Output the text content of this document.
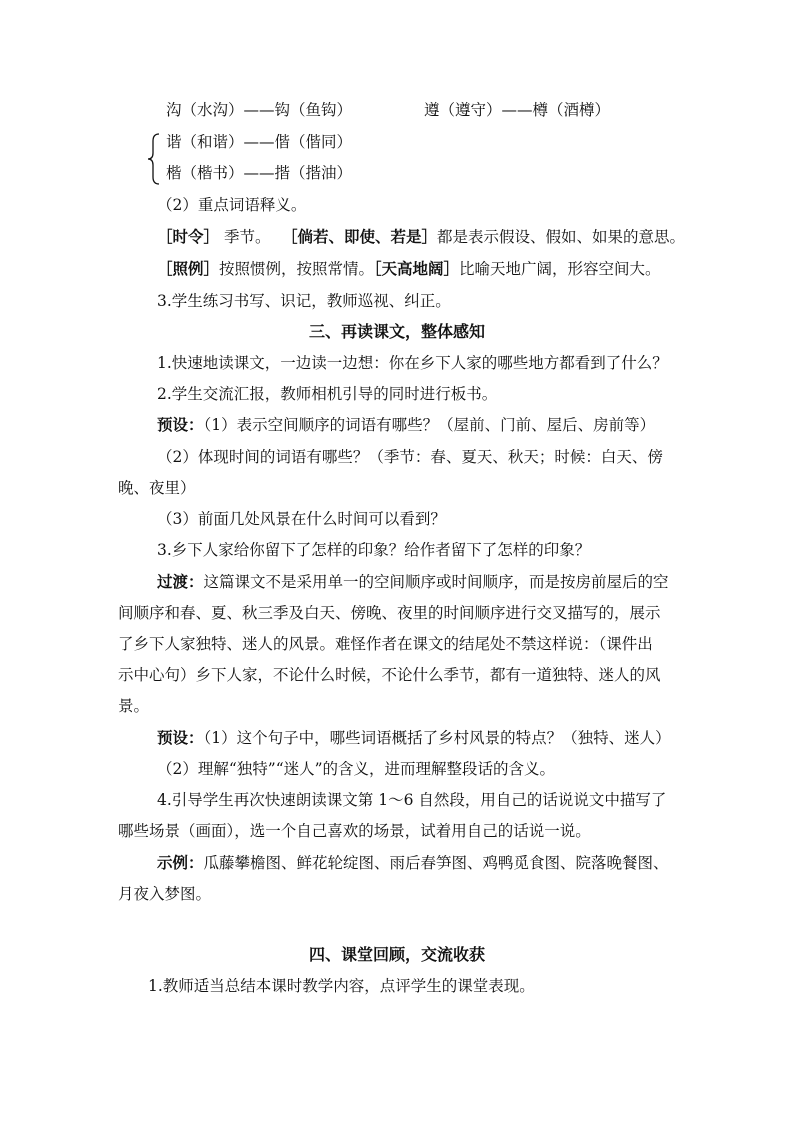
沟（水沟）——钩（鱼钩）	遵（遵守）——樽（酒樽）
谐（和谐）——偕（偕同）
楷（楷书）——揩（揩油）
（2）重点词语释义。
［时令］ 季节。 ［倘若、即使、若是］都是表示假设、假如、如果的意思。
［照例］按照惯例，按照常情。
［天高地阔］比喻天地广阔，形容空间大。
3.学生练习书写、识记，教师巡视、纠正。
三、再读课文，整体感知
1.快速地读课文，一边读一边想：你在乡下人家的哪些地方都看到了什么？
2.学生交流汇报，教师相机引导的同时进行板书。
预设：（1）表示空间顺序的词语有哪些？（屋前、门前、屋后、房前等）
（2）体现时间的词语有哪些？（季节：春、夏天、秋天；时候：白天、傍
晚、夜里）
（3）前面几处风景在什么时间可以看到？
3.乡下人家给你留下了怎样的印象？给作者留下了怎样的印象？
过渡：这篇课文不是采用单一的空间顺序或时间顺序，而是按房前屋后的空
间顺序和春、夏、秋三季及白天、傍晚、夜里的时间顺序进行交叉描写的，展示
了乡下人家独特、迷人的风景。难怪作者在课文的结尾处不禁这样说：（课件出
示中心句）乡下人家，不论什么时候，不论什么季节，都有一道独特、迷人的风
景。
预设：（1）这个句子中，哪些词语概括了乡村风景的特点？（独特、迷人）
（2）理解“独特”“迷人”的含义，进而理解整段话的含义。
4.引导学生再次快速朗读课文第 1～6 自然段，用自己的话说说文中描写了
哪些场景（画面），选一个自己喜欢的场景，试着用自己的话说一说。
示例：瓜藤攀檐图、鲜花轮绽图、雨后春笋图、鸡鸭觅食图、院落晚餐图、
月夜入梦图。
四、课堂回顾，交流收获
1.教师适当总结本课时教学内容，点评学生的课堂表现。
